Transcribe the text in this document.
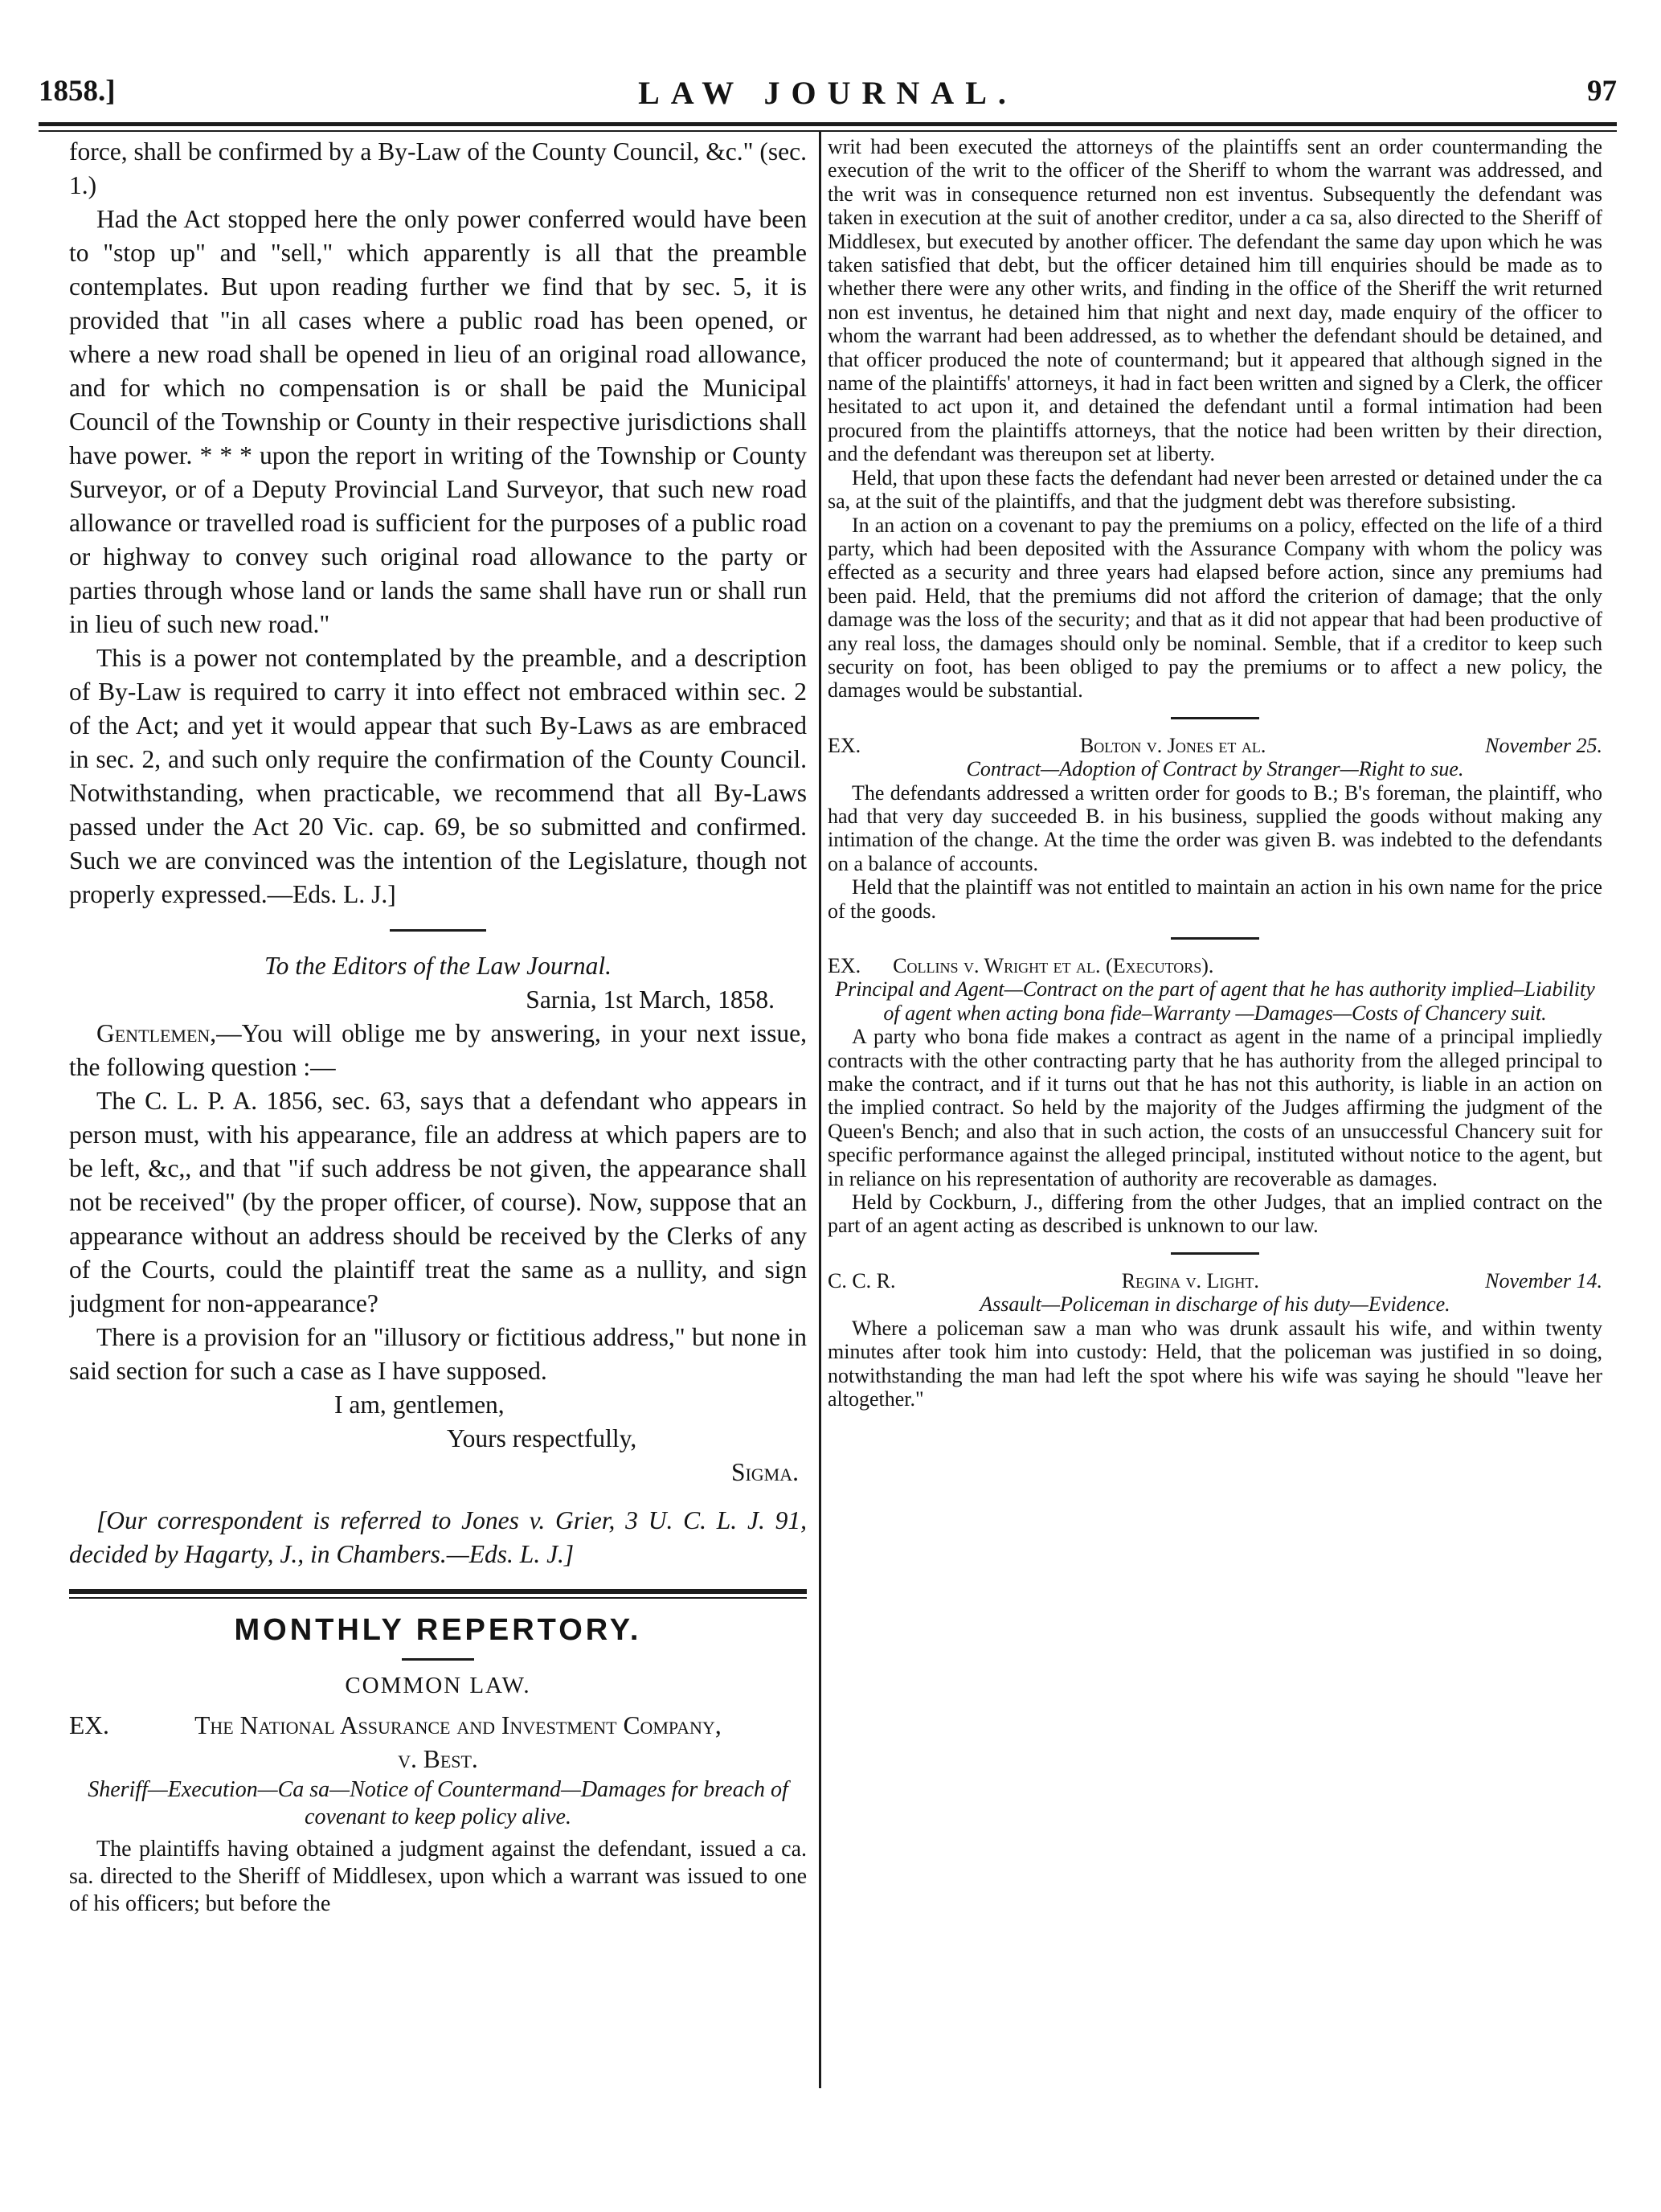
1858.]	LAW JOURNAL.	97

force, shall be confirmed by a By-Law of the County Council, &c." (sec. 1.)

Had the Act stopped here the only power conferred would have been to "stop up" and "sell," which apparently is all that the preamble contemplates. But upon reading further we find that by sec. 5, it is provided that "in all cases where a public road has been opened, or where a new road shall be opened in lieu of an original road allowance, and for which no compensation is or shall be paid the Municipal Council of the Township or County in their respective jurisdictions shall have power. * * * upon the report in writing of the Township or County Surveyor, or of a Deputy Provincial Land Surveyor, that such new road allowance or travelled road is sufficient for the purposes of a public road or highway to convey such original road allowance to the party or parties through whose land or lands the same shall have run or shall run in lieu of such new road."

This is a power not contemplated by the preamble, and a description of By-Law is required to carry it into effect not embraced within sec. 2 of the Act; and yet it would appear that such By-Laws as are embraced in sec. 2, and such only require the confirmation of the County Council. Notwithstanding, when practicable, we recommend that all By-Laws passed under the Act 20 Vic. cap. 69, be so submitted and confirmed. Such we are convinced was the intention of the Legislature, though not properly expressed.—Eds. L. J.]

To the Editors of the Law Journal.

Sarnia, 1st March, 1858.

Gentlemen,—You will oblige me by answering, in your next issue, the following question :—

The C. L. P. A. 1856, sec. 63, says that a defendant who appears in person must, with his appearance, file an address at which papers are to be left, &c,, and that "if such address be not given, the appearance shall not be received" (by the proper officer, of course). Now, suppose that an appearance without an address should be received by the Clerks of any of the Courts, could the plaintiff treat the same as a nullity, and sign judgment for non-appearance?

There is a provision for an "illusory or fictitious address," but none in said section for such a case as I have supposed.

I am, gentlemen,

Yours respectfully,

Sigma.

[Our correspondent is referred to Jones v. Grier, 3 U. C. L. J. 91, decided by Hagarty, J., in Chambers.—Eds. L. J.]

MONTHLY REPERTORY.
COMMON LAW.
EX.	The National Assurance and Investment Company,

v. Best.

Sheriff—Execution—Ca sa—Notice of Countermand—Damages for breach of covenant to keep policy alive.

The plaintiffs having obtained a judgment against the defendant, issued a ca. sa. directed to the Sheriff of Middlesex, upon which a warrant was issued to one of his officers; but before the

writ had been executed the attorneys of the plaintiffs sent an order countermanding the execution of the writ to the officer of the Sheriff to whom the warrant was addressed, and the writ was in consequence returned non est inventus. Subsequently the defendant was taken in execution at the suit of another creditor, under a ca sa, also directed to the Sheriff of Middlesex, but executed by another officer. The defendant the same day upon which he was taken satisfied that debt, but the officer detained him till enquiries should be made as to whether there were any other writs, and finding in the office of the Sheriff the writ returned non est inventus, he detained him that night and next day, made enquiry of the officer to whom the warrant had been addressed, as to whether the defendant should be detained, and that officer produced the note of countermand; but it appeared that although signed in the name of the plaintiffs' attorneys, it had in fact been written and signed by a Clerk, the officer hesitated to act upon it, and detained the defendant until a formal intimation had been procured from the plaintiffs attorneys, that the notice had been written by their direction, and the defendant was thereupon set at liberty.

Held, that upon these facts the defendant had never been arrested or detained under the ca sa, at the suit of the plaintiffs, and that the judgment debt was therefore subsisting.

In an action on a covenant to pay the premiums on a policy, effected on the life of a third party, which had been deposited with the Assurance Company with whom the policy was effected as a security and three years had elapsed before action, since any premiums had been paid. Held, that the premiums did not afford the criterion of damage; that the only damage was the loss of the security; and that as it did not appear that had been productive of any real loss, the damages should only be nominal. Semble, that if a creditor to keep such security on foot, has been obliged to pay the premiums or to affect a new policy, the damages would be substantial.

EX.	Bolton v. Jones et al.	November 25.

Contract—Adoption of Contract by Stranger—Right to sue.

The defendants addressed a written order for goods to B.; B's foreman, the plaintiff, who had that very day succeeded B. in his business, supplied the goods without making any intimation of the change. At the time the order was given B. was indebted to the defendants on a balance of accounts.

Held that the plaintiff was not entitled to maintain an action in his own name for the price of the goods.

EX.	Collins v. Wright et al. (Executors).

Principal and Agent—Contract on the part of agent that he has authority implied–Liability of agent when acting bona fide–Warranty —Damages—Costs of Chancery suit.

A party who bona fide makes a contract as agent in the name of a principal impliedly contracts with the other contracting party that he has authority from the alleged principal to make the contract, and if it turns out that he has not this authority, is liable in an action on the implied contract. So held by the majority of the Judges affirming the judgment of the Queen's Bench; and also that in such action, the costs of an unsuccessful Chancery suit for specific performance against the alleged principal, instituted without notice to the agent, but in reliance on his representation of authority are recoverable as damages.

Held by Cockburn, J., differing from the other Judges, that an implied contract on the part of an agent acting as described is unknown to our law.

C. C. R.	Regina v. Light.	November 14.

Assault—Policeman in discharge of his duty—Evidence.

Where a policeman saw a man who was drunk assault his wife, and within twenty minutes after took him into custody: Held, that the policeman was justified in so doing, notwithstanding the man had left the spot where his wife was saying he should "leave her altogether."
